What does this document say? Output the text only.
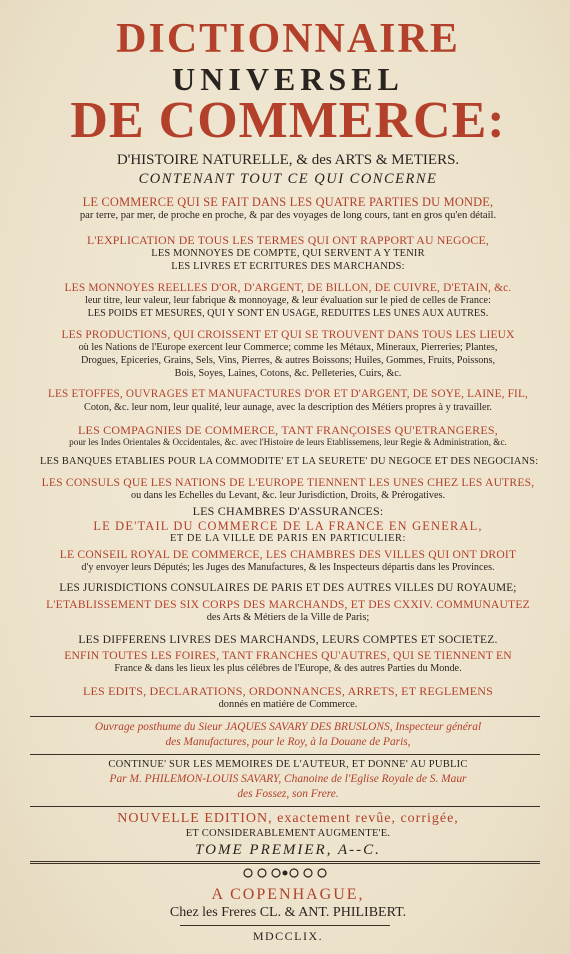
DICTIONNAIRE
UNIVERSEL
DE COMMERCE:
D'HISTOIRE NATURELLE, & des ARTS & METIERS.
CONTENANT TOUT CE QUI CONCERNE
LE COMMERCE QUI SE FAIT DANS LES QUATRE PARTIES DU MONDE,
par terre, par mer, de proche en proche, & par des voyages de long cours, tant en gros qu'en détail.
L'EXPLICATION DE TOUS LES TERMES QUI ONT RAPPORT AU NEGOCE,
LES MONNOYES DE COMPTE, QUI SERVENT A Y TENIR
LES LIVRES ET ECRITURES DES MARCHANDS:
LES MONNOYES REELLES D'OR, D'ARGENT, DE BILLON, DE CUIVRE, D'ETAIN, &c.
leur titre, leur valeur, leur fabrique & monnoyage, & leur évaluation sur le pied de celles de France:
LES POIDS ET MESURES, QUI Y SONT EN USAGE, REDUITES LES UNES AUX AUTRES.
LES PRODUCTIONS, QUI CROISSENT ET QUI SE TROUVENT DANS TOUS LES LIEUX
où les Nations de l'Europe exercent leur Commerce; comme les Métaux, Mineraux, Pierreries; Plantes,
Drogues, Epiceries, Grains, Sels, Vins, Pierres, & autres Boissons; Huiles, Gommes, Fruits, Poissons,
Bois, Soyes, Laines, Cotons, &c. Pelleteries, Cuirs, &c.
LES ETOFFES, OUVRAGES ET MANUFACTURES D'OR ET D'ARGENT, DE SOYE, LAINE, FIL,
Coton, &c. leur nom, leur qualité, leur aunage, avec la description des Métiers propres à y travailler.
LES COMPAGNIES DE COMMERCE, TANT FRANÇOISES QU'ETRANGERES,
pour les Indes Orientales & Occidentales, &c. avec l'Histoire de leurs Etablissemens, leur Regie & Administration, &c.
LES BANQUES ETABLIES POUR LA COMMODITE' ET LA SEURETE' DU NEGOCE ET DES NEGOCIANS:
LES CONSULS QUE LES NATIONS DE L'EUROPE TIENNENT LES UNES CHEZ LES AUTRES,
ou dans les Echelles du Levant, &c. leur Jurisdiction, Droits, & Prérogatives.
LES CHAMBRES D'ASSURANCES:
LE DE'TAIL DU COMMERCE DE LA FRANCE EN GENERAL,
ET DE LA VILLE DE PARIS EN PARTICULIER:
LE CONSEIL ROYAL DE COMMERCE, LES CHAMBRES DES VILLES QUI ONT DROIT
d'y envoyer leurs Députés; les Juges des Manufactures, & les Inspecteurs départis dans les Provinces.
LES JURISDICTIONS CONSULAIRES DE PARIS ET DES AUTRES VILLES DU ROYAUME;
L'ETABLISSEMENT DES SIX CORPS DES MARCHANDS, ET DES CXXIV. COMMUNAUTEZ
des Arts & Métiers de la Ville de Paris;
LES DIFFERENS LIVRES DES MARCHANDS, LEURS COMPTES ET SOCIETEZ.
ENFIN TOUTES LES FOIRES, TANT FRANCHES QU'AUTRES, QUI SE TIENNENT EN
France & dans les lieux les plus célébres de l'Europe, & des autres Parties du Monde.
LES EDITS, DECLARATIONS, ORDONNANCES, ARRETS, ET REGLEMENS
donnés en matiére de Commerce.
Ouvrage posthume du Sieur JAQUES SAVARY DES BRUSLONS, Inspecteur général
des Manufactures, pour le Roy, à la Douane de Paris,
CONTINUE' SUR LES MEMOIRES DE L'AUTEUR, ET DONNE' AU PUBLIC
Par M. PHILEMON-LOUIS SAVARY, Chanoine de l'Eglise Royale de S. Maur
des Fossez, son Frere.
NOUVELLE EDITION, exactement revûe, corrigée,
ET CONSIDERABLEMENT AUGMENTE'E.
TOME PREMIER, A--C.
A COPENHAGUE,
Chez les Freres CL. & ANT. PHILIBERT.
MDCCLIX.
